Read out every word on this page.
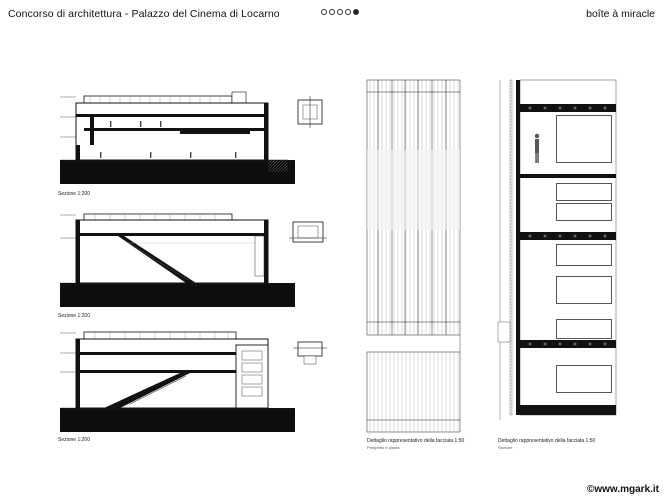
Concorso di architettura - Palazzo del Cinema di Locarno	boîte à miracle
Sezione 1:200
Sezione 1:200
Sezione 1:200	Dettaglio rappresentativo della facciata 1:50
Prospetto e pianta
Dettaglio rappresentativo della facciata 1:50
Sezione
©www.mgark.it
